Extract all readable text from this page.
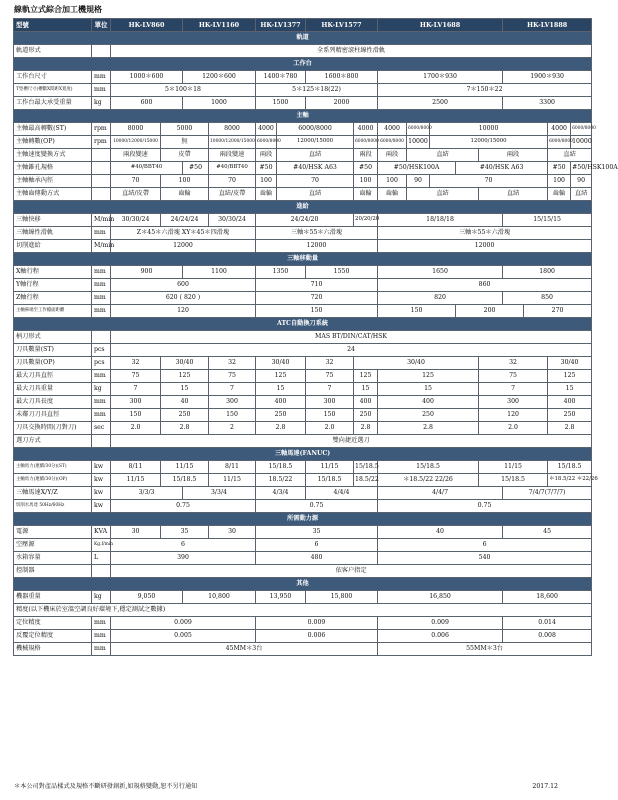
線軌立式綜合加工機規格
型號	單位	HK-LV860		HK-LV1160		HK-LV1377		HK-LV1577		HK-LV1688					HK-LV1888			
軌道																		
軌道形式		全系列精密滾柱線性滑軌																
工作台																		
工作台尺寸	mm	1000＊600		1200＊600		1400＊780		1600＊800		1700＊930					1900＊930			
T型槽尺寸(槽數X間距X寬度)	mm	5＊100＊18				5＊125＊18(22)				7＊150＊22								
工作台最大承受重量	kg	600		1000		1500		2000		2500					3300			
主軸																		
主軸最高轉數(ST)	rpm	8000	5000		8000	4000	6000/8000		4000	4000	6000/8000	10000					4000	6000/8000
主軸轉數(OP)	rpm	10000/12000/15000	無		10000/12000/15000	6000/8000	12000/15000		6000/8000	6000/8000	10000	12000/15000					6000/8000	10000
主軸速度變換方式		兩段變速	皮帶		兩段變速	兩段	直結		兩段	兩段	直結			兩段			直結	
主軸錐孔規格		#40/BBT40		#50	#40/BBT40	#50	#40/HSK A63		#50	#50/HSK100A			#40/HSK A63				#50	#50/HSK100A
主軸軸承內徑		70	100		70	100	70		100	100	90	70					100	90
主軸齒傳動方式		直結/皮帶	齒輪		直結/皮帶	齒輪	直結		齒輪	齒輪	直結			直結			齒輪	直結
進給																		
三軸快移	M/min	30/30/24	24/24/24		30/30/24	24/24/20			20/20/20	18/18/18					15/15/15			
三軸線性滑軌	mm	Z＊45＊六滑塊 XY＊45＊四滑塊				三軸＊55＊六滑塊				三軸＊55＊六滑塊								
切削進給	M/min	12000				12000				12000								
三軸移動量																		
X軸行程	mm	900		1100		1350		1550		1650					1800			
Y軸行程	mm	600				710				860								
Z軸行程	mm	620 ( 820 )				720				820					850			
主軸鼻端至工作檯面距離	mm	120				150				150			200			270		
ATC自動換刀系統																		
柄刀形式		MAS BT/DIN/CAT/HSK																
刀具數量(ST)	pcs	24																
刀具數量(OP)	pcs	32	30/40		32	30/40		32	30/40					32			30/40	
最大刀具直徑	mm	75	125		75	125		75	125	125				75			125	
最大刀具重量	kg	7	15		7	15		7	15	15				7			15	
最大刀具長度	mm	300	40		300	400		300	400	400				300			400	
未鄰刀刀具直徑	mm	150	250		150	250		150	250	250				120			250	
刀具交換時間(刀對刀)	sec	2.0	2.8		2	2.8		2.0	2.8	2.8				2.0			2.8	
選刀方式		雙向捷近選刀																
三軸馬達(FANUC)																		
主軸馬力(連續/30分)(ST)	kw	8/11	11/15		8/11	15/18.5		11/15	15/18.5	15/18.5				11/15			15/18.5	
主軸馬力(連續/30分)(OP)	kw	11/15	15/18.5		11/15	18.5/22		15/18.5	18.5/22	＊18.5/22 22/26				15/18.5			＊18.5/22 ＊22/26	
三軸馬達X/Y/Z	kw	3/3/3		3/3/4		4/3/4		4/4/4		4/4/7					7/4/7(7/7/7)			
切削水馬達 50Hz/60Hz	kw	0.75				0.75				0.75								
所需動力源																		
電源	KVA	30	35		30	35				40					45			
空壓源	Kg.f/min	6				6				6								
水箱容量	L	390				480				540								
控制器		依客户指定																
其他																		
機器重量	kg	9,050		10,800		13,950		15,800		16,850					18,600			
精度(以下機床於室溫空調良好環境下,穩定測試之數據)																		
定位精度	mm	0.009				0.009				0.009					0.014			
反覆定位精度	mm	0.005				0.006				0.006					0.008			
機械規格	mm	45MM＊3台								55MM＊3台								
＊本公司對產品樣式及規格不斷研發創新,如規格變動,恕不另行通知	2017.12
